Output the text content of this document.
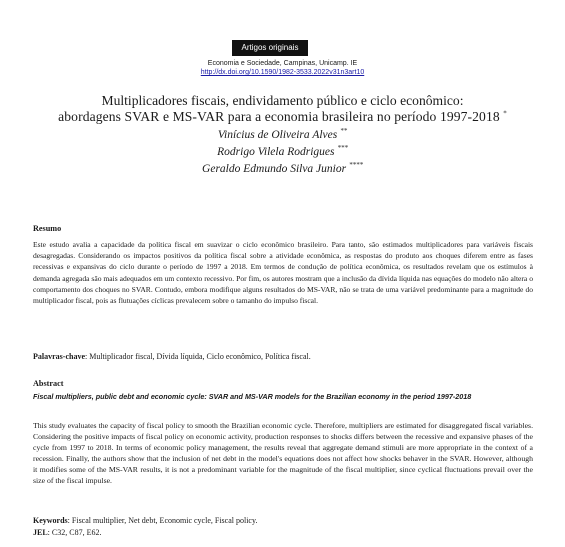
Artigos originais
Economia e Sociedade, Campinas, Unicamp. IE
http://dx.doi.org/10.1590/1982-3533.2022v31n3art10
Multiplicadores fiscais, endividamento público e ciclo econômico:
abordagens SVAR e MS-VAR para a economia brasileira no período 1997-2018 *
Vinícius de Oliveira Alves **
Rodrigo Vilela Rodrigues ***
Geraldo Edmundo Silva Junior ****
Resumo

Este estudo avalia a capacidade da política fiscal em suavizar o ciclo econômico brasileiro. Para tanto, são estimados multiplicadores para variáveis fiscais desagregadas. Considerando os impactos positivos da política fiscal sobre a atividade econômica, as respostas do produto aos choques diferem entre as fases recessivas e expansivas do ciclo durante o período de 1997 a 2018. Em termos de condução de política econômica, os resultados revelam que os estímulos à demanda agregada são mais adequados em um contexto recessivo. Por fim, os autores mostram que a inclusão da dívida líquida nas equações do modelo não altera o comportamento dos choques no SVAR. Contudo, embora modifique alguns resultados do MS-VAR, não se trata de uma variável predominante para a magnitude do multiplicador fiscal, pois as flutuações cíclicas prevalecem sobre o tamanho do impulso fiscal.

Palavras-chave: Multiplicador fiscal, Dívida líquida, Ciclo econômico, Política fiscal.
Abstract
Fiscal multipliers, public debt and economic cycle: SVAR and MS-VAR models for the Brazilian economy in the period 1997-2018

This study evaluates the capacity of fiscal policy to smooth the Brazilian economic cycle. Therefore, multipliers are estimated for disaggregated fiscal variables. Considering the positive impacts of fiscal policy on economic activity, production responses to shocks differs between the recessive and expansive phases of the cycle from 1997 to 2018. In terms of economic policy management, the results reveal that aggregate demand stimuli are more appropriate in the context of a recession. Finally, the authors show that the inclusion of net debt in the model's equations does not affect how shocks behaver in the SVAR. However, although it modifies some of the MS-VAR results, it is not a predominant variable for the magnitude of the fiscal multiplier, since cyclical fluctuations prevail over the size of the fiscal impulse.

Keywords: Fiscal multiplier, Net debt, Economic cycle, Fiscal policy.
JEL: C32, C87, E62.
